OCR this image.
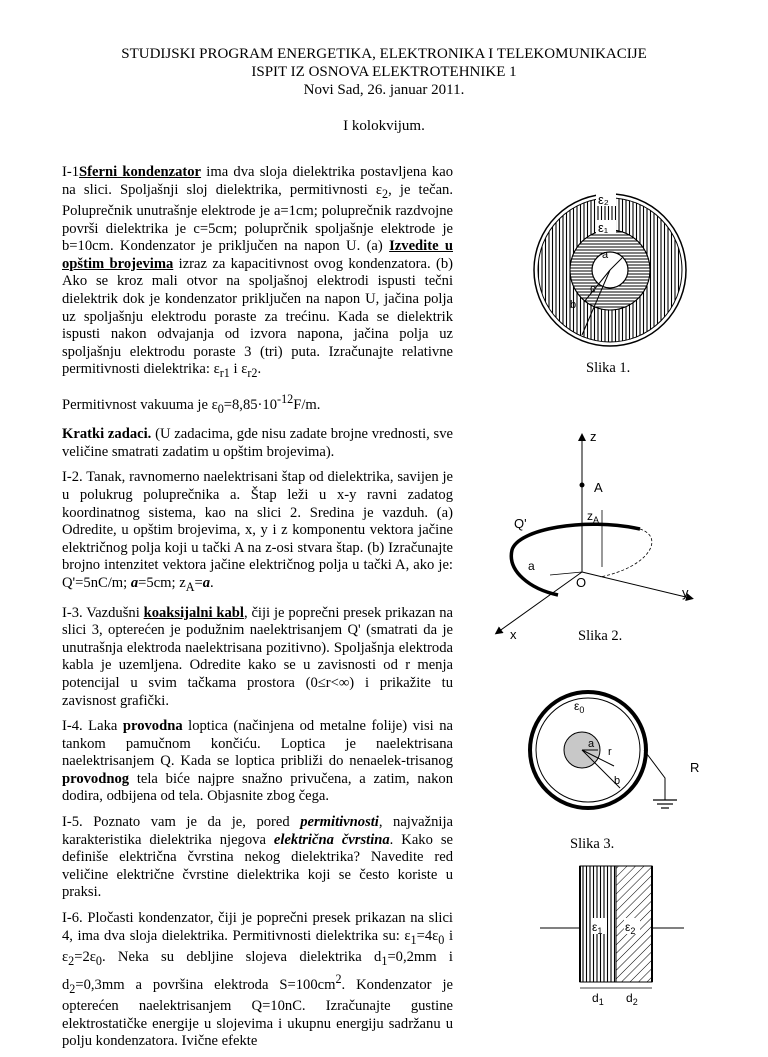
STUDIJSKI PROGRAM ENERGETIKA, ELEKTRONIKA I TELEKOMUNIKACIJE
ISPIT IZ OSNOVA ELEKTROTEHNIKE 1
Novi Sad, 26. januar 2011.
I kolokvijum.

I-1Sferni kondenzator ima dva sloja dielektrika postavljena kao na slici. Spoljašnji sloj dielektrika, permitivnosti $\varepsilon_2$, je tečan. Poluprečnik unutrašnje elektrode je a=1cm; poluprečnik razdvojne površi dielektrika je c=5cm; poluprčnik spoljašnje elektrode je b=10cm. Kondenzator je priključen na napon U. (a) Izvedite u opštim brojevima izraz za kapacitivnost ovog kondenzatora. (b) Ako se kroz mali otvor na spoljašnoj elektrodi ispusti tečni dielektrik dok je kondenzator priključen na napon U, jačina polja uz spoljašnju elektrodu poraste za trećinu. Kada se dielektrik ispusti nakon odvajanja od izvora napona, jačina polja uz spoljašnju elektrodu poraste 3 (tri) puta. Izračunajte relativne permitivnosti dielektrika: $\varepsilon_{r1}$ i $\varepsilon_{r2}$.

Permitivnost vakuuma je $\varepsilon_0=8,85\cdot 10^{-12}F/m$.

Kratki zadaci. (U zadacima, gde nisu zadate brojne vrednosti, sve veličine smatrati zadatim u opštim brojevima).

I-2. Tanak, ravnomerno naelektrisani štap od dielektrika, savijen je u polukrug poluprečnika a. Štap leži u x-y ravni zadatog koordinatnog sistema, kao na slici 2. Sredina je vazduh. (a) Odredite, u opštim brojevima, x, y i z komponentu vektora jačine električnog polja koji u tački A na z-osi stvara štap. (b) Izračunajte brojno intenzitet vektora jačine električnog polja u tački A, ako je: Q'=5nC/m; a=5cm; $z_A=a$.

I-3. Vazdušni koaksijalni kabl, čiji je poprečni presek prikazan na slici 3, opterećen je podužnim naelektrisanjem Q' (smatrati da je unutrašnja elektroda naelektrisana pozitivno). Spoljašnja elektroda kabla je uzemljena. Odredite kako se u zavisnosti od r menja potencijal u svim tačkama prostora (0≤r<∞) i prikažite tu zavisnost grafički.

I-4. Laka provodna loptica (načinjena od metalne folije) visi na tankom pamučnom končiću. Loptica je naelektrisana naelektrisanjem Q. Kada se loptica približi do nenaelek-trisanog provodnog tela biće najpre snažno privučena, a zatim, nakon dodira, odbijena od tela. Objasnite zbog čega.

I-5. Poznato vam je da je, pored permitivnosti, najvažnija karakteristika dielektrika njegova električna čvrstina. Kako se definiše električna čvrstina nekog dielektrika? Navedite red veličine električne čvrstine dielektrika koji se često koriste u praksi.

I-6. Pločasti kondenzator, čiji je poprečni presek prikazan na slici 4, ima dva sloja dielektrika. Permitivnosti dielektrika su: $\varepsilon_1=4\varepsilon_0$ i $\varepsilon_2=2\varepsilon_0$. Neka su debljine slojeva dielektrika $d_1=0,2mm$ i $d_2=0,3mm$ a površina elektroda $S=100cm^2$. Kondenzator je opterećen naelektrisanjem Q=10nC. Izračunajte gustine elektrostatičke energije u slojevima i ukupnu energiju sadržanu u polju kondenzatora. Ivične efekte

ε₂
ε₁
a
c
b
Slika 1.
z
y
x
A
$z_A$
Q'
a
O
Slika 2.
$\varepsilon_0$
a
r
b
R
Slika 3.
$\varepsilon_1$ $\varepsilon_2$
$d_1$ $d_2$
